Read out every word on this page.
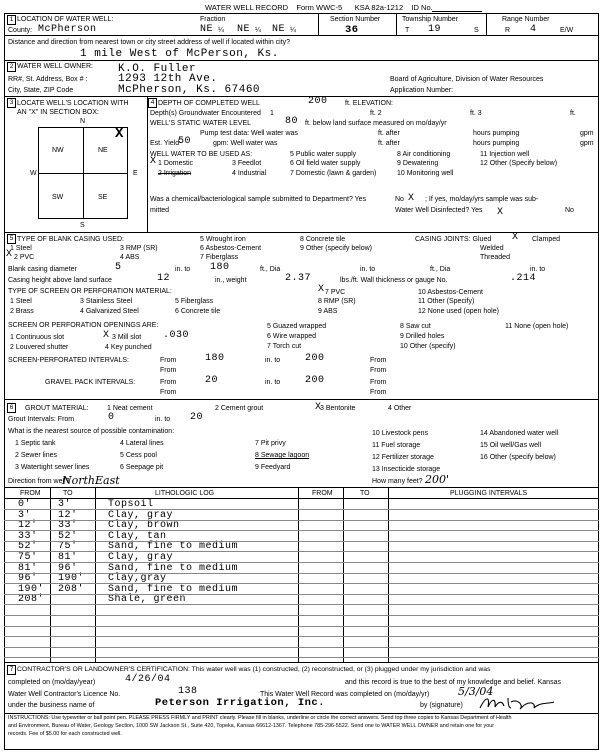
WATER WELL RECORD Form WWC-5 KSA 82a-1212 ID No.
1 LOCATION OF WATER WELL:	Fraction
County: McPherson	NE ¼ NE ¼ NE ¼
Section Number
36
Township Number
T 19	S
Range Number
R 4	E/W
Distance and direction from nearest town or city street address of well if located within city?
1 mile West of McPerson, Ks.
2 WATER WELL OWNER: K.O. Fuller
RR#, St. Address, Box # :	1293 12th Ave.
City, State, ZIP Code	McPherson, Ks. 67460
Board of Agriculture, Division of Water Resources
Application Number:
3 LOCATE WELL'S LOCATION WITH
AN "X" IN SECTION BOX:
N
S
W	E
NW	NE
SW	SE
X
4 DEPTH OF COMPLETED WELL	200 ft. ELEVATION:
Depth(s) Groundwater Encountered 1	ft. 2	ft. 3	ft.
WELL'S STATIC WATER LEVEL	80 ft. below land surface measured on mo/day/yr
Pump test data: Well water was	ft. after	hours pumping	gpm
Est. Yield
50	gpm: Well water was	ft. after	hours pumping	gpm
WELL WATER TO BE USED AS:
1 Domestic
X
2 Irrigation
3 Feedlot
4 Industrial
5 Public water supply
6 Oil field water supply
7 Domestic (lawn & garden)
8 Air conditioning
9 Dewatering
10 Monitoring well
11 Injection well
12 Other (Specify below)
Was a chemical/bacteriological sample submitted to Department? Yes	No X ; If yes, mo/day/yrs sample was sub-
mitted	Water Well Disinfected? Yes X	No
5 TYPE OF BLANK CASING USED:
1 Steel
X 2 PVC
3 RMP (SR)
4 ABS
5 Wrought iron
6 Asbestos-Cement
7 Fiberglass
8 Concrete tile
9 Other (specify below)
CASING JOINTS: Glued X Clamped
Welded
Threaded
Blank casing diameter	5	in. to 180	ft., Dia	in. to	ft., Dia	in. to
Casing height above land surface	12	in., weight	2.37	lbs./ft. Wall thickness or gauge No.	.214
TYPE OF SCREEN OR PERFORATION MATERIAL:
1 Steel
2 Brass
3 Stainless Steel
4 Galvanized Steel
5 Fiberglass
6 Concrete tile
X 7 PVC
8 RMP (SR)
9 ABS
10 Asbestos-Cement
11 Other (Specify)
12 None used (open hole)
SCREEN OR PERFORATION OPENINGS ARE:
1 Continuous slot
2 Louvered shutter
X 3 Mill slot .030
4 Key punched
5 Guazed wrapped
6 Wire wrapped
7 Torch cut
8 Saw cut
9 Drilled holes
10 Other (specify)
11 None (open hole)
SCREEN-PERFORATED INTERVALS:	From	180	in. to 200	From
From	From
GRAVEL PACK INTERVALS:	From	20	in. to 200	From
From	From
6	GROUT MATERIAL:	1 Neat cement	2 Cement grout	X
3 Bentonite	4 Other
Grout Intervals: From	0	in. to 20
What is the nearest source of possible contamination:
1 Septic tank
2 Sewer lines
3 Watertight sewer lines
4 Lateral lines
5 Cess pool
6 Seepage pit
7 Pit privy
8 Sewage lagoon
9 Feedyard
10 Livestock pens
11 Fuel storage
12 Fertilizer storage
13 Insecticide storage
14 Abandoned water well
15 Oil well/Gas well
16 Other (specify below)
Direction from well?
NorthEast	How many feet? 200'
FROM	TO	LITHOLOGIC LOG	FROM	TO	PLUGGING INTERVALS
0'	3'	Topsoil
3'	12'	Clay, gray
12' 33'	Clay, brown
33' 52'	Clay, tan
52' 75'	Sand, fine to medium
75' 81'	Clay, gray
81' 96'	Sand, fine to medium
96' 190' Clay,gray
190' 208' Sand, fine to medium
208'	Shale, green
7 CONTRACTOR'S OR LANDOWNER'S CERTIFICATION: This water well was (1) constructed, (2) reconstructed, or (3) plugged under my jurisdiction and was
completed on (mo/day/year)	4/26/04	and this record is true to the best of my knowledge and belief. Kansas
Water Well Contractor's Licence No.	138	This Water Well Record was completed on (mo/day/yr)	5/3/04
under the business name of	Peterson Irrigation, Inc.	by (signature)
INSTRUCTIONS: Use typewriter or ball point pen. PLEASE PRESS FIRMLY and PRINT clearly. Please fill in blanks, underline or circle the correct answers. Send top three copies to Kansas Department of Health
and Environment, Bureau of Water, Geology Section, 1000 SW Jackson St., Suite 420, Topeka, Kansas 66612-1367. Telephone 785-296-5522. Send one to WATER WELL OWNER and retain one for your
records. Fee of $5.00 for each constructed well.
